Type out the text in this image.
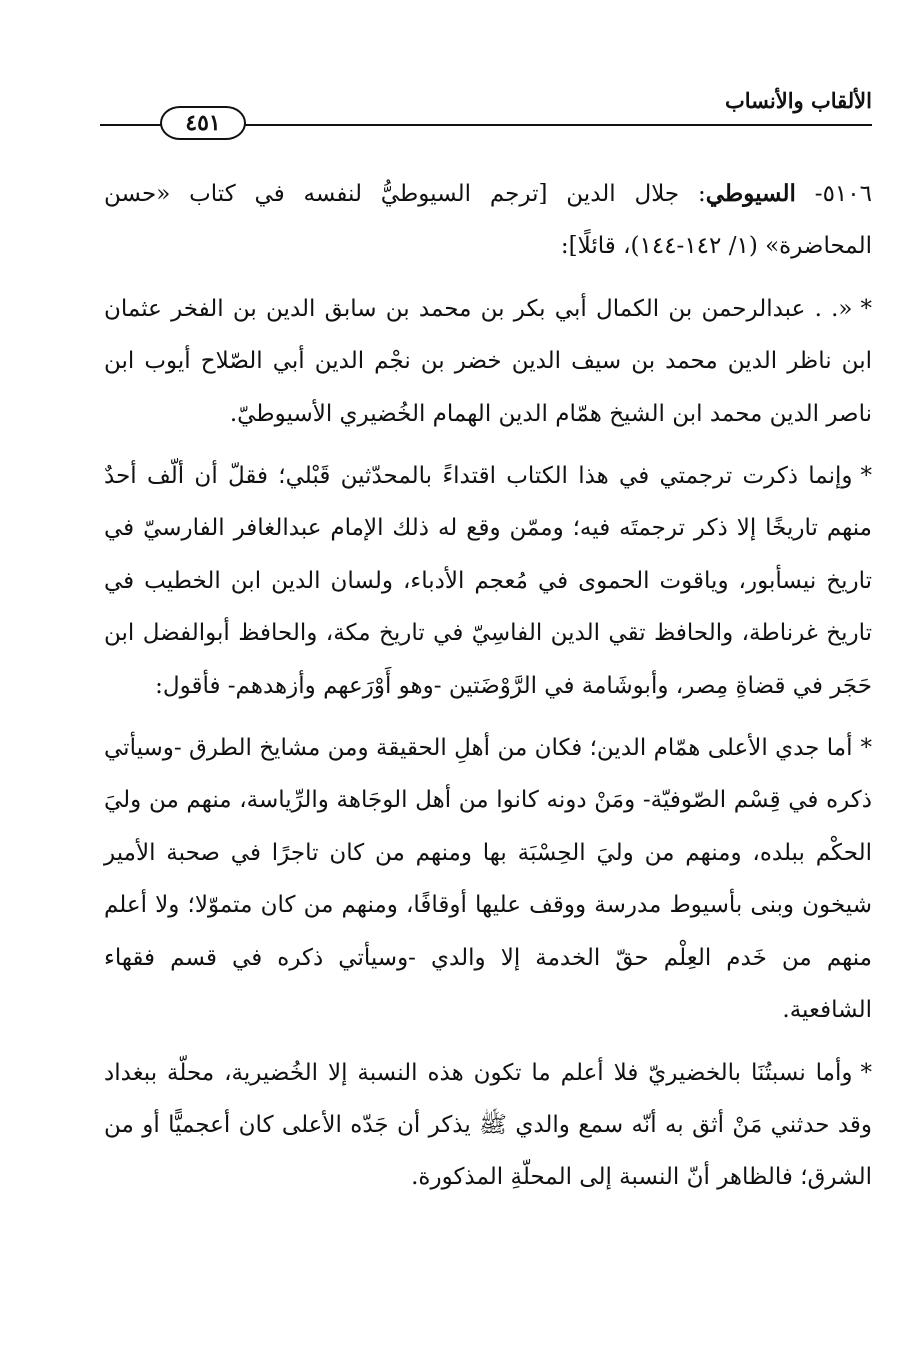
الألقاب والأنساب
٤٥١

٥١٠٦- السيوطي: جلال الدين [ترجم السيوطيُّ لنفسه في كتاب «حسن المحاضرة» (١/ ١٤٢-١٤٤)، قائلًا]:

*«. . عبدالرحمن بن الكمال أبي بكر بن محمد بن سابق الدين بن الفخر عثمان ابن ناظر الدين محمد بن سيف الدين خضر بن نجْم الدين أبي الصّلاح أيوب ابن ناصر الدين محمد ابن الشيخ همّام الدين الهمام الخُضيري الأسيوطيّ.

*وإنما ذكرت ترجمتي في هذا الكتاب اقتداءً بالمحدّثين قَبْلي؛ فقلّ أن ألّف أحدٌ منهم تاريخًا إلا ذكر ترجمتَه فيه؛ وممّن وقع له ذلك الإمام عبدالغافر الفارسيّ في تاريخ نيسأبور، وياقوت الحموى في مُعجم الأدباء، ولسان الدين ابن الخطيب في تاريخ غرناطة، والحافظ تقي الدين الفاسِيّ في تاريخ مكة، والحافظ أبوالفضل ابن حَجَر في قضاةِ مِصر، وأبوشَامة في الرَّوْضَتين -وهو أَوْرَعهم وأزهدهم- فأقول:

*أما جدي الأعلى همّام الدين؛ فكان من أهلِ الحقيقة ومن مشايخ الطرق -وسيأتي ذكره في قِسْم الصّوفيّة- ومَنْ دونه كانوا من أهل الوجَاهة والرِّياسة، منهم من وليَ الحكْم ببلده، ومنهم من وليَ الحِسْبَة بها ومنهم من كان تاجرًا في صحبة الأمير شيخون وبنى بأسيوط مدرسة ووقف عليها أوقافًا، ومنهم من كان متموّلا؛ ولا أعلم منهم من خَدم العِلْم حقّ الخدمة إلا والدي -وسيأتي ذكره في قسم فقهاء الشافعية.

*وأما نسبتُنَا بالخضيريّ فلا أعلم ما تكون هذه النسبة إلا الخُضيرية، محلّة ببغداد وقد حدثني مَنْ أثق به أنّه سمع والدي ﷺ يذكر أن جَدّه الأعلى كان أعجميًّا أو من الشرق؛ فالظاهر أنّ النسبة إلى المحلّةِ المذكورة.
